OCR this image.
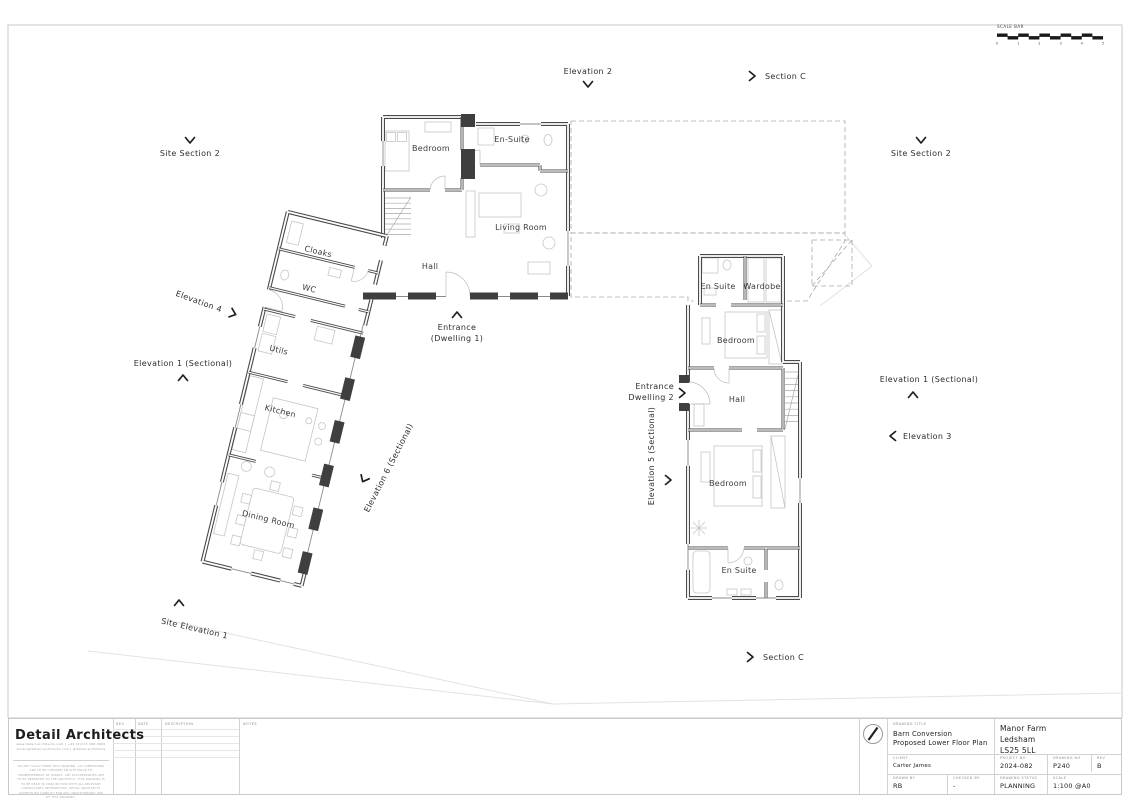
Cloaks
WC
Utils
Kitchen
Dining Room
Bedroom
En-Suite
Living Room
Hall
En Suite Wardobe
Bedroom
Hall
Bedroom
En Suite
Elevation 2
Section C
Site Section 2	Site Section 2
Elevation 4
Elevation 1 (Sectional)
Elevation 1 (Sectional)
Elevation 3
Elevation 6 (Sectional)	Elevation 5 (Sectional)
Entrance
(Dwelling 1)
Entrance
Dwelling 2
Site Elevation 1
Section C
SCALE BAR
0	1	2	3	4	5
Detail Architects
www.detail-architects.com | +44 (0)113 496 0000
studio@detail-architects.com | @detail.architects
DO NOT SCALE FROM THIS DRAWING. ALL DIMENSIONS ARE TO BE CHECKED ON SITE PRIOR TO COMMENCEMENT OF WORKS. ANY DISCREPANCIES ARE TO BE REPORTED TO THE ARCHITECT. THIS DRAWING IS TO BE READ IN CONJUNCTION WITH ALL RELEVANT CONSULTANTS INFORMATION. DETAIL ARCHITECTS ACCEPTS NO LIABILITY FOR ANY UNAUTHORISED USE OF THIS DRAWING.
REV	DATE	DESCRIPTION	NOTES	DRAWING TITLE
Barn Conversion
Proposed Lower Floor Plan
Manor Farm
Ledsham
LS25 5LL
CLIENT
Carter James
PROJECT NO
2024-082
DRAWING NO
P240
REV
B
DRAWN BY
RB
CHECKED BY
-
DRAWING STATUS
PLANNING
SCALE
1:100 @A0
